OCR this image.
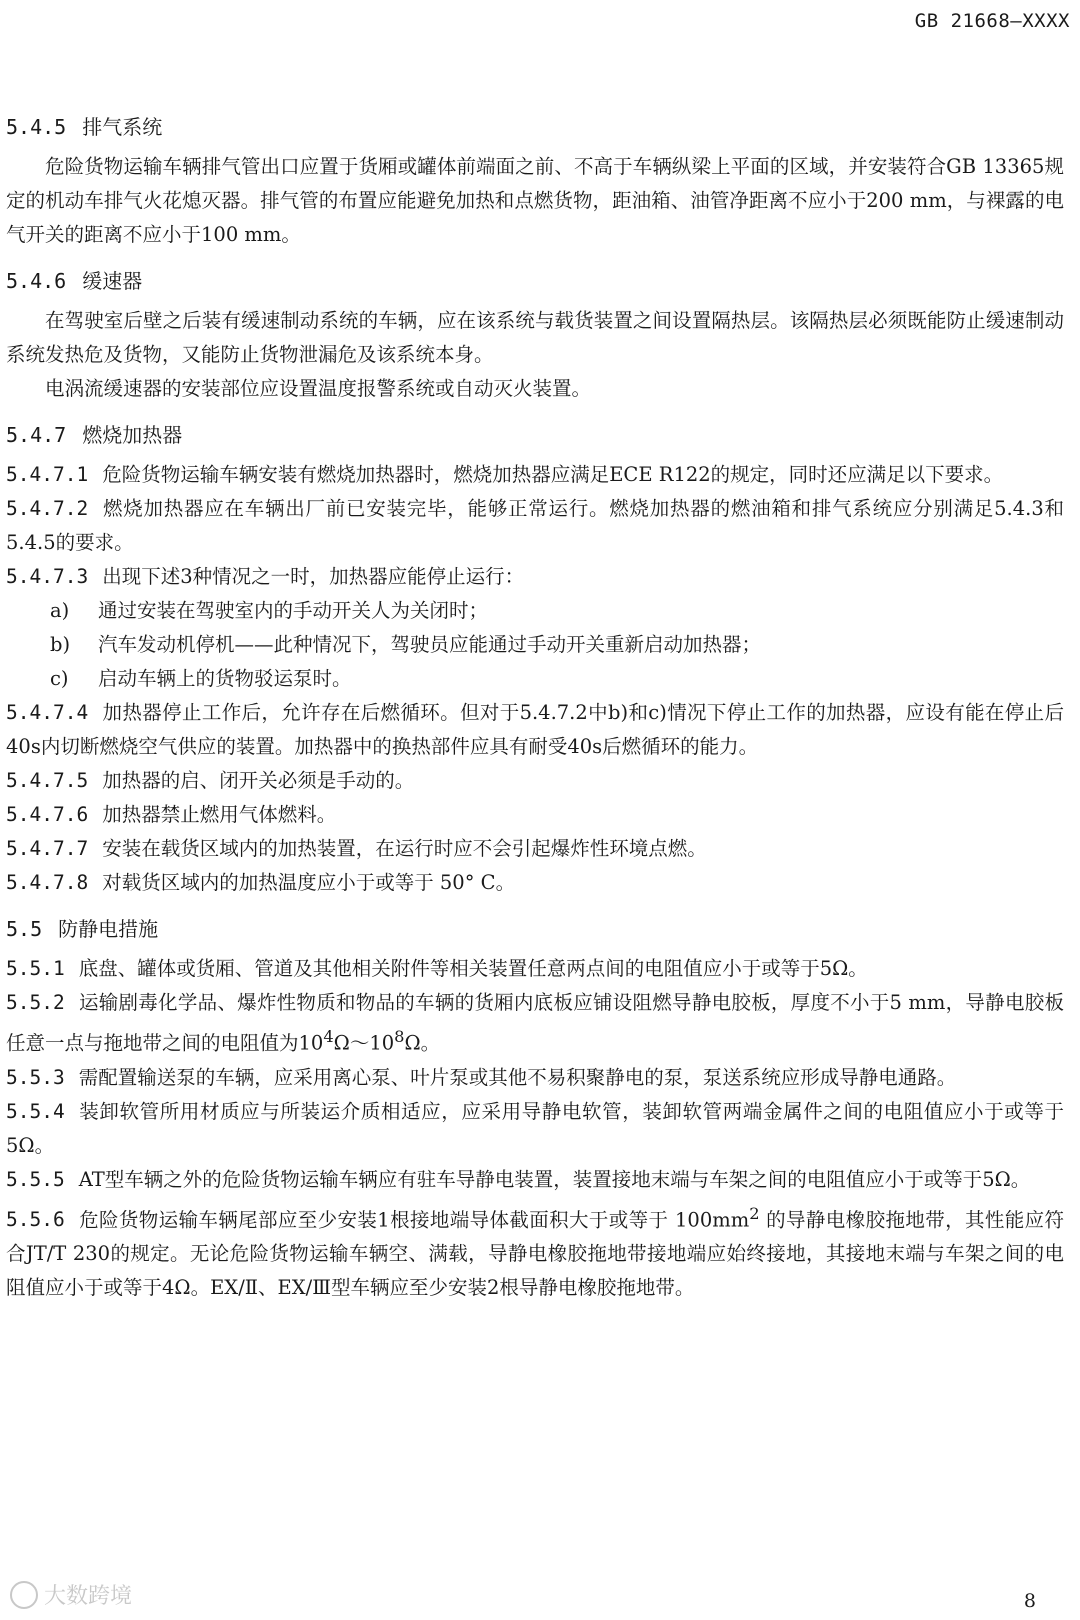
GB 21668—XXXX
5.4.5 排气系统

危险货物运输车辆排气管出口应置于货厢或罐体前端面之前、不高于车辆纵梁上平面的区域，并安装符合GB 13365规定的机动车排气火花熄灭器。排气管的布置应能避免加热和点燃货物，距油箱、油管净距离不应小于200 mm，与裸露的电气开关的距离不应小于100 mm。

5.4.6 缓速器

在驾驶室后壁之后装有缓速制动系统的车辆，应在该系统与载货装置之间设置隔热层。该隔热层必须既能防止缓速制动系统发热危及货物，又能防止货物泄漏危及该系统本身。

电涡流缓速器的安装部位应设置温度报警系统或自动灭火装置。

5.4.7 燃烧加热器

5.4.7.1 危险货物运输车辆安装有燃烧加热器时，燃烧加热器应满足ECE R122的规定，同时还应满足以下要求。

5.4.7.2 燃烧加热器应在车辆出厂前已安装完毕，能够正常运行。燃烧加热器的燃油箱和排气系统应分别满足5.4.3和5.4.5的要求。

5.4.7.3 出现下述3种情况之一时，加热器应能停止运行：

a) 通过安装在驾驶室内的手动开关人为关闭时；

b) 汽车发动机停机——此种情况下，驾驶员应能通过手动开关重新启动加热器；

c) 启动车辆上的货物驳运泵时。

5.4.7.4 加热器停止工作后，允许存在后燃循环。但对于5.4.7.2中b)和c)情况下停止工作的加热器，应设有能在停止后40s内切断燃烧空气供应的装置。加热器中的换热部件应具有耐受40s后燃循环的能力。

5.4.7.5 加热器的启、闭开关必须是手动的。

5.4.7.6 加热器禁止燃用气体燃料。

5.4.7.7 安装在载货区域内的加热装置，在运行时应不会引起爆炸性环境点燃。

5.4.7.8 对载货区域内的加热温度应小于或等于 50° C。

5.5 防静电措施

5.5.1 底盘、罐体或货厢、管道及其他相关附件等相关装置任意两点间的电阻值应小于或等于5Ω。

5.5.2 运输剧毒化学品、爆炸性物质和物品的车辆的货厢内底板应铺设阻燃导静电胶板，厚度不小于5 mm，导静电胶板任意一点与拖地带之间的电阻值为$10^4\Omega\sim 10^8\Omega$。

5.5.3 需配置输送泵的车辆，应采用离心泵、叶片泵或其他不易积聚静电的泵，泵送系统应形成导静电通路。

5.5.4 装卸软管所用材质应与所装运介质相适应，应采用导静电软管，装卸软管两端金属件之间的电阻值应小于或等于5Ω。

5.5.5 AT型车辆之外的危险货物运输车辆应有驻车导静电装置，装置接地末端与车架之间的电阻值应小于或等于5Ω。

5.5.6 危险货物运输车辆尾部应至少安装1根接地端导体截面积大于或等于 $100mm^2$ 的导静电橡胶拖地带，其性能应符合JT/T 230的规定。无论危险货物运输车辆空、满载，导静电橡胶拖地带接地端应始终接地，其接地末端与车架之间的电阻值应小于或等于4Ω。EX/Ⅱ、EX/Ⅲ型车辆应至少安装2根导静电橡胶拖地带。

大数跨境	8
